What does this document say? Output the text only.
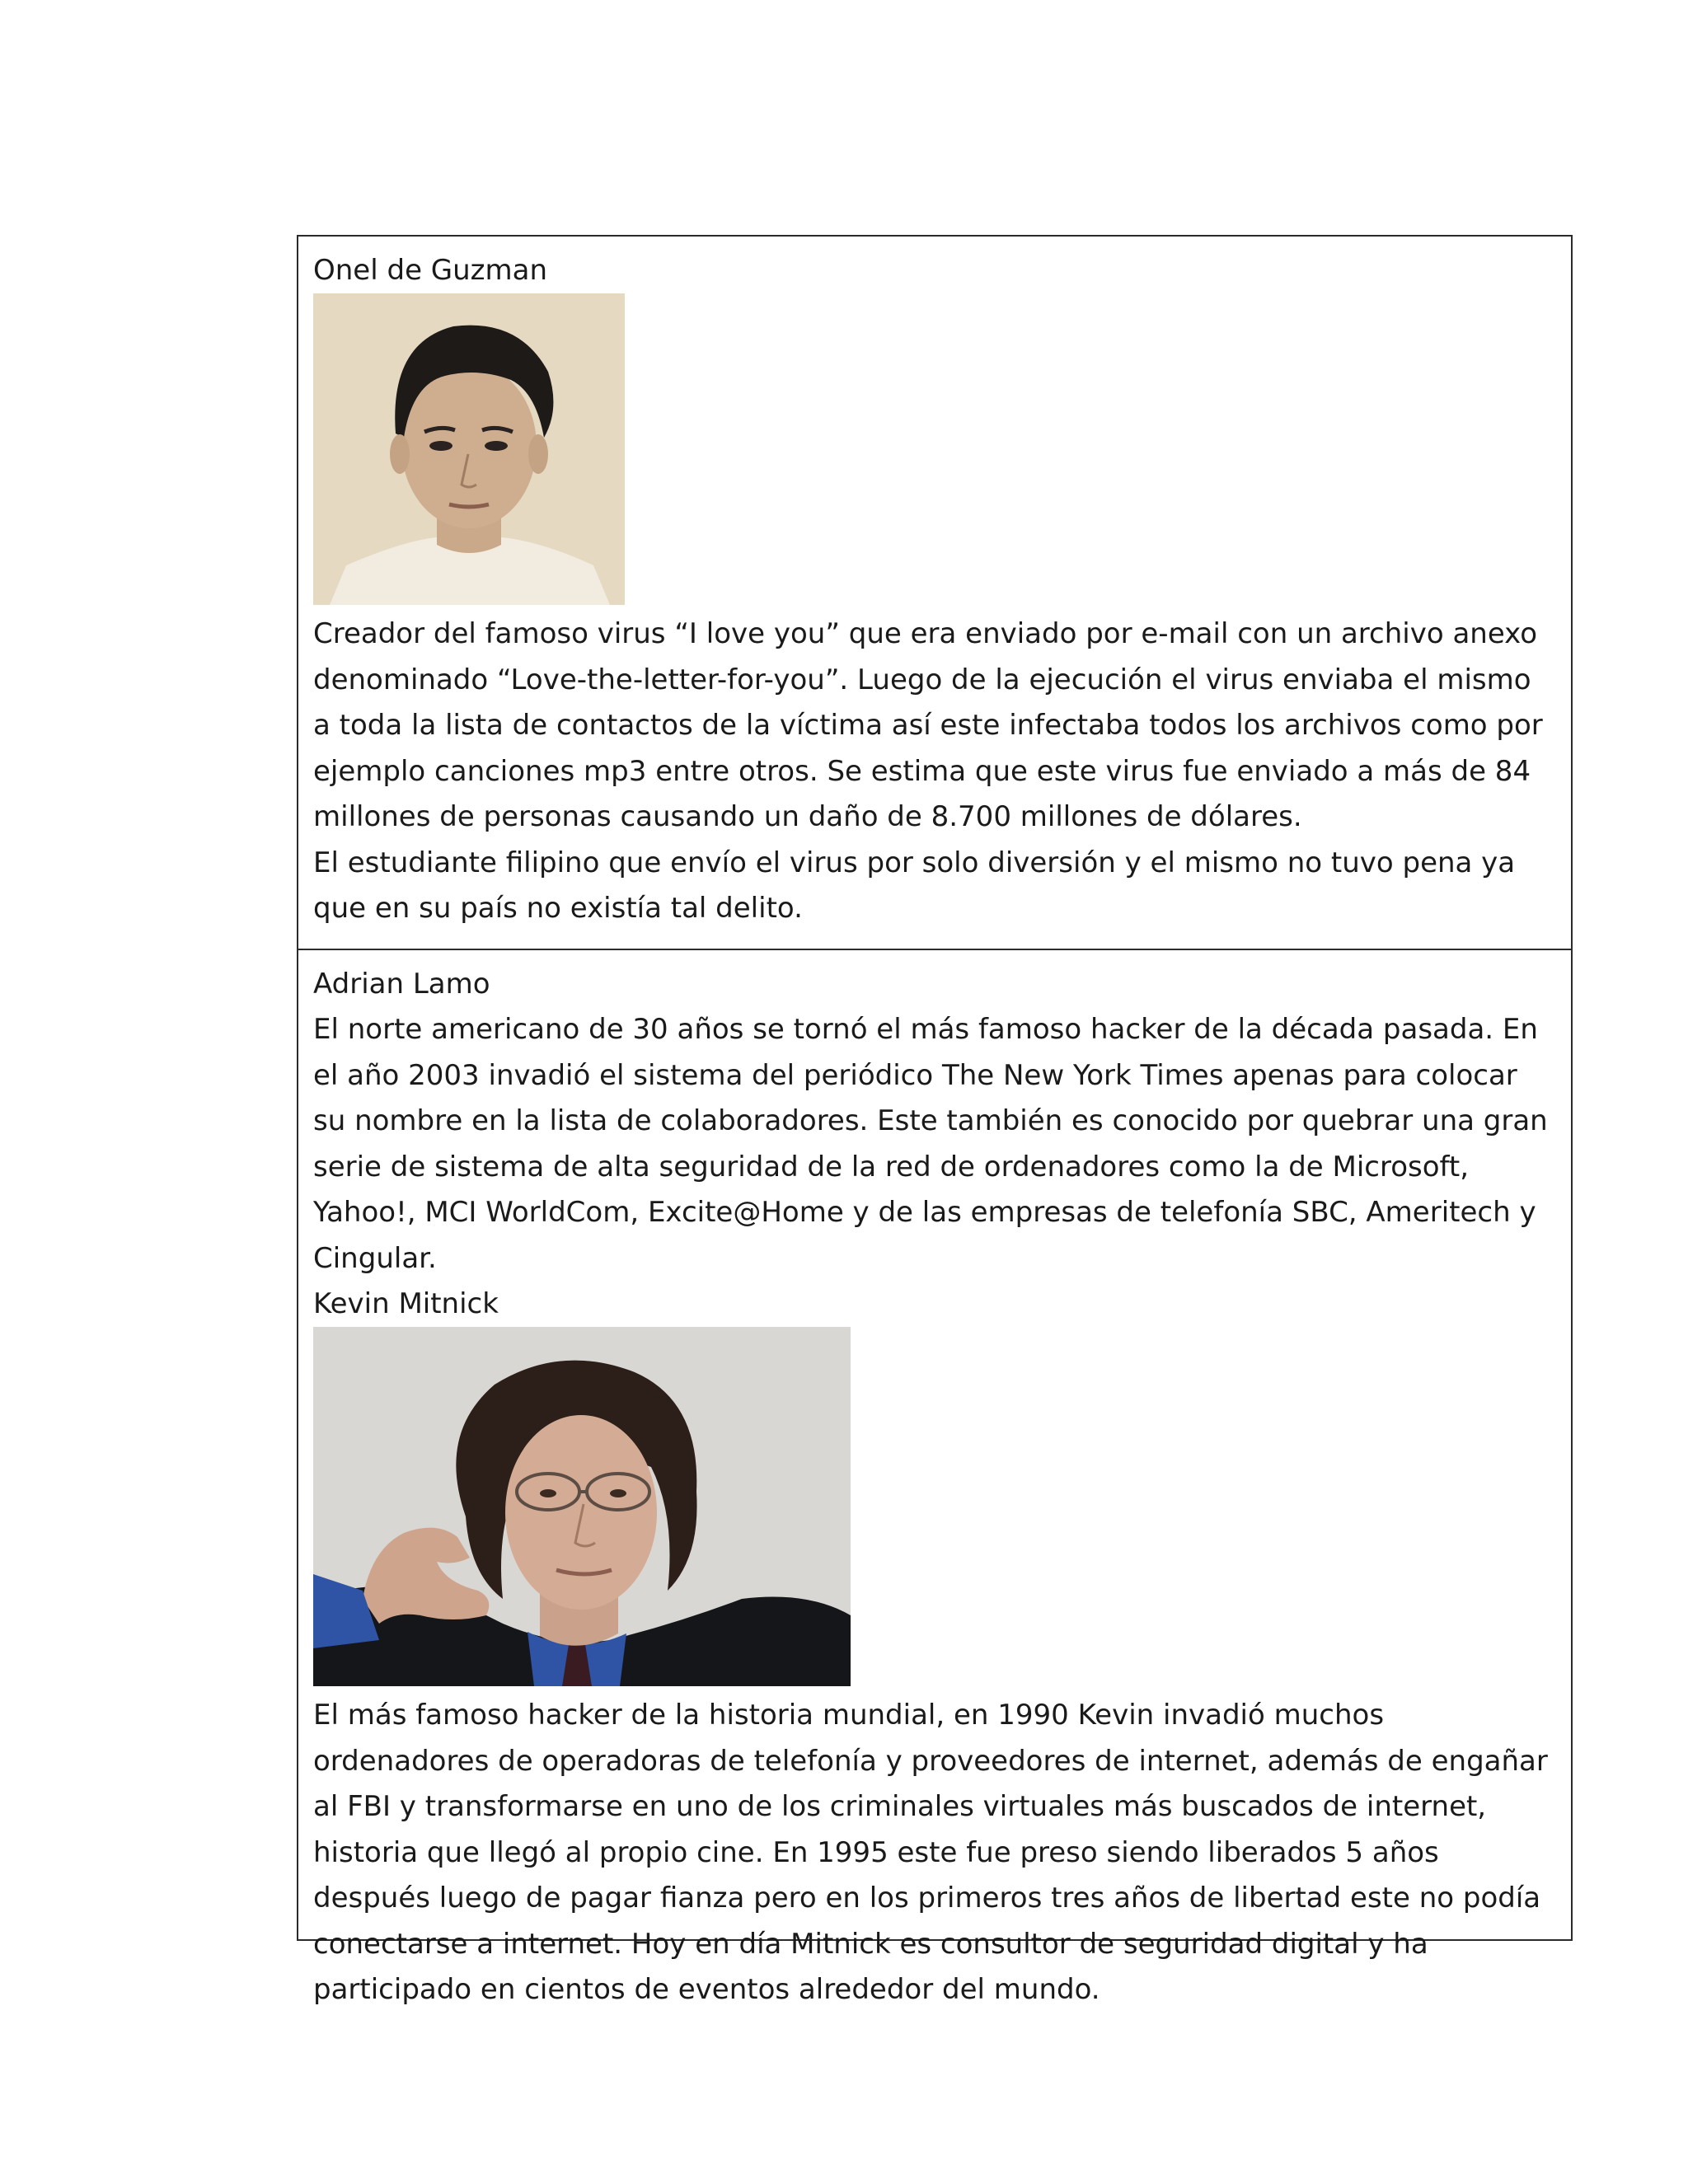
Onel de Guzman

Creador del famoso virus “I love you” que era enviado por e-mail con un archivo anexo denominado “Love-the-letter-for-you”. Luego de la ejecución el virus enviaba el mismo a toda la lista de contactos de la víctima así este infectaba todos los archivos como por ejemplo canciones mp3 entre otros. Se estima que este virus fue enviado a más de 84 millones de personas causando un daño de 8.700 millones de dólares.

El estudiante filipino que envío el virus por solo diversión y el mismo no tuvo pena ya que en su país no existía tal delito.

Adrian Lamo

El norte americano de 30 años se tornó el más famoso hacker de la década pasada. En el año 2003 invadió el sistema del periódico The New York Times apenas para colocar su nombre en la lista de colaboradores. Este también es conocido por quebrar una gran serie de sistema de alta seguridad de la red de ordenadores como la de Microsoft, Yahoo!, MCI WorldCom, Excite@Home y de las empresas de telefonía SBC, Ameritech y Cingular.

Kevin Mitnick

El más famoso hacker de la historia mundial, en 1990 Kevin invadió muchos ordenadores de operadoras de telefonía y proveedores de internet, además de engañar al FBI y transformarse en uno de los criminales virtuales más buscados de internet, historia que llegó al propio cine. En 1995 este fue preso siendo liberados 5 años después luego de pagar fianza pero en los primeros tres años de libertad este no podía conectarse a internet. Hoy en día Mitnick es consultor de seguridad digital y ha participado en cientos de eventos alrededor del mundo.
